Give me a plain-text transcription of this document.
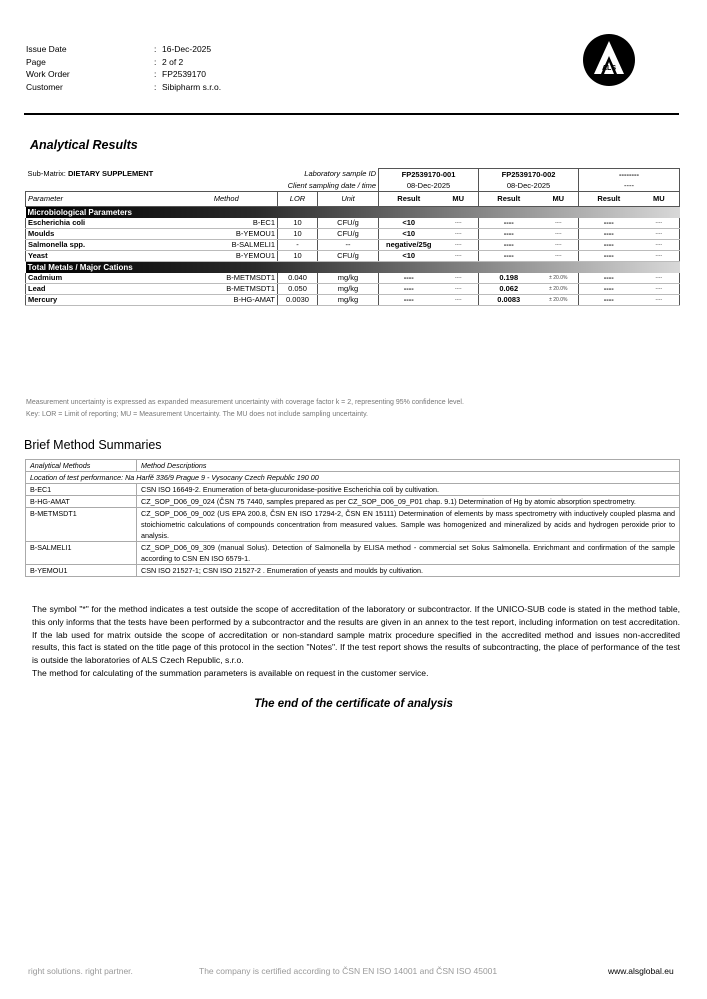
Issue Date	: 16-Dec-2025
Page	: 2 of 2
Work Order	: FP2539170
Customer	: Sibipharm s.r.o.
ALS
Analytical Results
Sub-Matrix: DIETARY SUPPLEMENT Laboratory sample ID				FP2539170-001		FP2539170-002		--------	
Client sampling date / time				08-Dec-2025		08-Dec-2025		----	
Parameter	Method	LOR	Unit	Result	MU	Result	MU	Result	MU
Microbiological Parameters									
Escherichia coli	B-EC1	10	CFU/g	<10	----	----	----	----	----
Moulds	B-YEMOU1	10	CFU/g	<10	----	----	----	----	----
Salmonella spp.	B-SALMELI1	-	--	negative/25g	----	----	----	----	----
Yeast	B-YEMOU1	10	CFU/g	<10	----	----	----	----	----
Total Metals / Major Cations									
Cadmium	B-METMSDT1	0.040	mg/kg	----	----	0.198	± 20.0%	----	----
Lead	B-METMSDT1	0.050	mg/kg	----	----	0.062	± 20.0%	----	----
Mercury	B-HG-AMAT	0.0030	mg/kg	----	----	0.0083	± 20.0%	----	----
Measurement uncertainty is expressed as expanded measurement uncertainty with coverage factor k = 2, representing 95% confidence level.
Key: LOR = Limit of reporting; MU = Measurement Uncertainty. The MU does not include sampling uncertainty.
Brief Method Summaries
Analytical Methods	Method Descriptions
Location of test performance: Na Harfě 336/9 Prague 9 - Vysocany Czech Republic 190 00	
B-EC1	CSN ISO 16649-2. Enumeration of beta-glucuronidase-positive Escherichia coli by cultivation.
B-HG-AMAT	CZ_SOP_D06_09_024 (ČSN 75 7440, samples prepared as per CZ_SOP_D06_09_P01 chap. 9.1) Determination of Hg by atomic absorption spectrometry.
B-METMSDT1	CZ_SOP_D06_09_002 (US EPA 200.8, ČSN EN ISO 17294-2, ČSN EN 15111) Determination of elements by mass spectrometry with inductively coupled plasma and stoichiometric calculations of compounds concentration from measured values. Sample was homogenized and mineralized by acids and hydrogen peroxide prior to analysis.
B-SALMELI1	CZ_SOP_D06_09_309 (manual Solus). Detection of Salmonella by ELISA method - commercial set Solus Salmonella. Enrichmant and confirmation of the sample according to CSN EN ISO 6579-1.
B-YEMOU1	CSN ISO 21527-1; CSN ISO 21527-2 . Enumeration of yeasts and moulds by cultivation.
The symbol "*" for the method indicates a test outside the scope of accreditation of the laboratory or subcontractor. If the UNICO-SUB code is stated in the method table, this only informs that the tests have been performed by a subcontractor and the results are given in an annex to the test report, including information on test accreditation. If the lab used for matrix outside the scope of accreditation or non-standard sample matrix procedure specified in the accredited method and issues non-accredited results, this fact is stated on the title page of this protocol in the section "Notes". If the test report shows the results of subcontracting, the place of performance of the test is outside the laboratories of ALS Czech Republic, s.r.o.
The method for calculating of the summation parameters is available on request in the customer service.
The end of the certificate of analysis
right solutions. right partner.	The company is certified according to ČSN EN ISO 14001 and ČSN ISO 45001	www.alsglobal.eu
